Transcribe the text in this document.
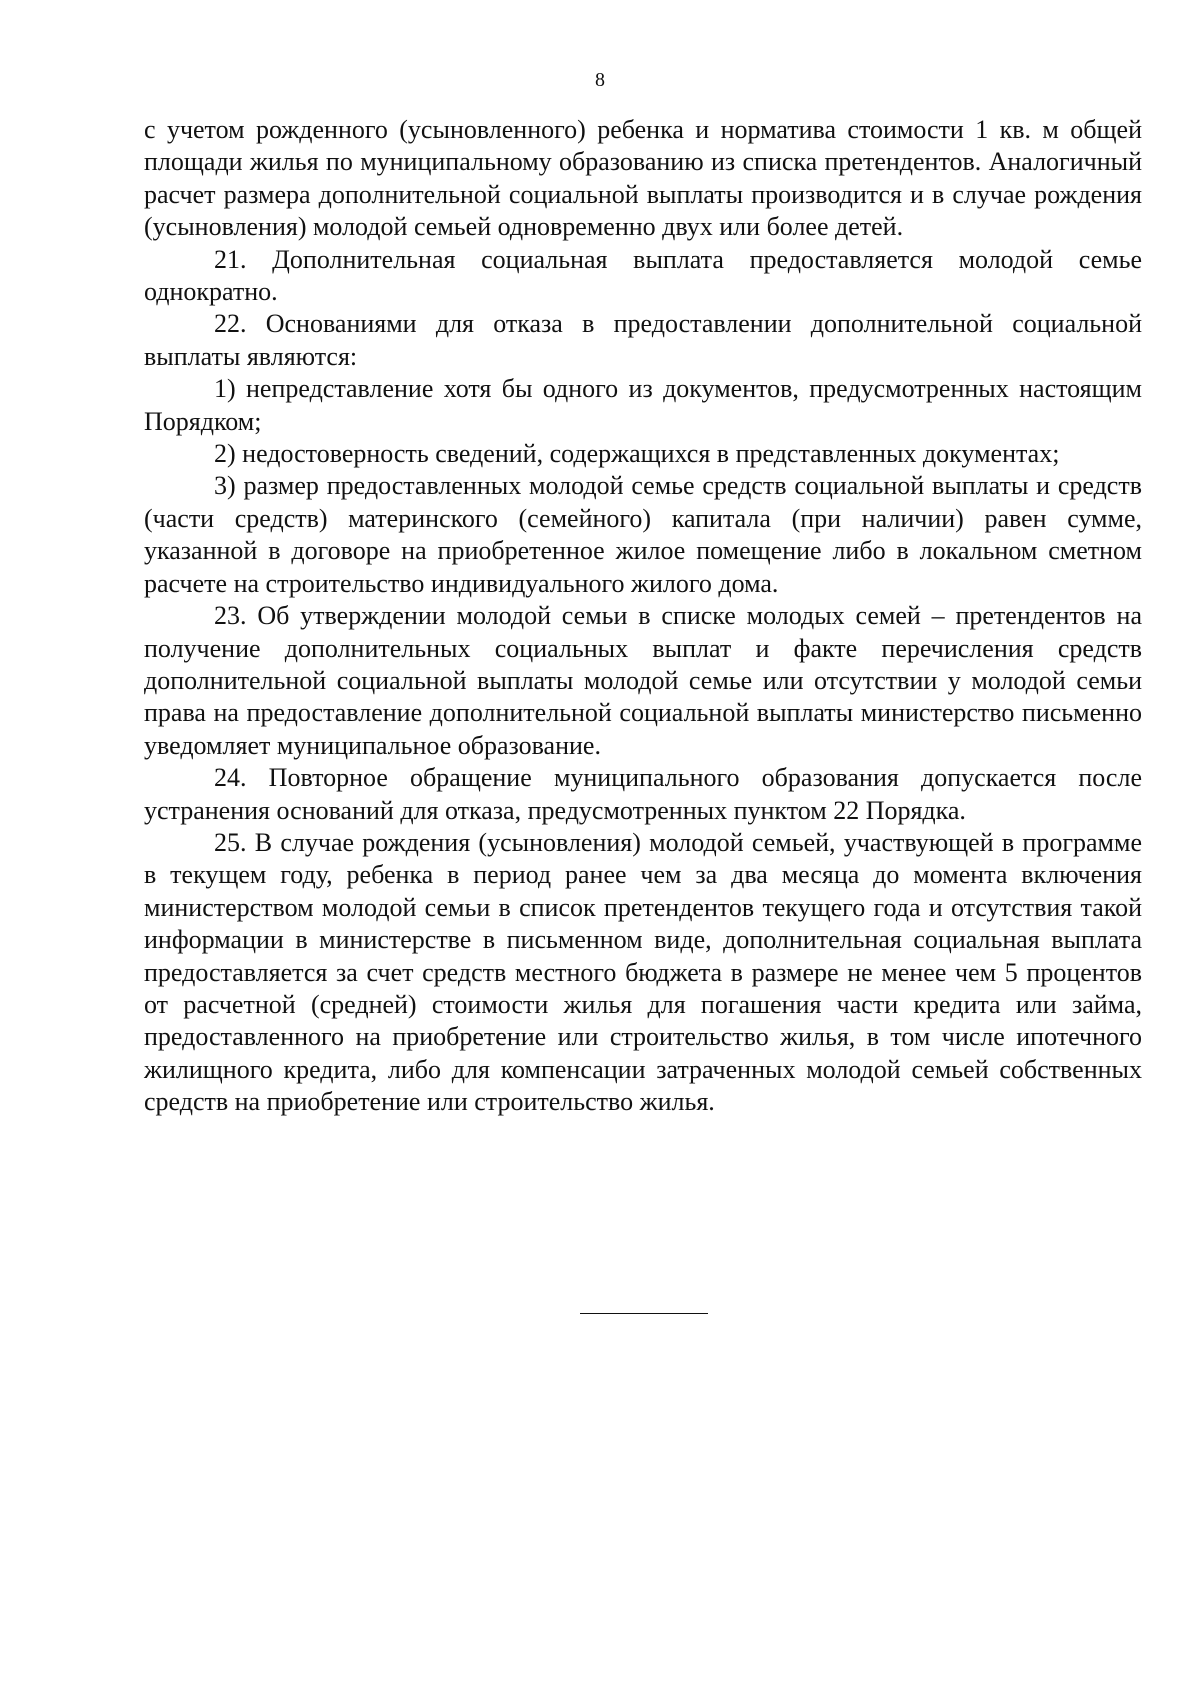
8

с учетом рожденного (усыновленного) ребенка и норматива стоимости 1 кв. м общей площади жилья по муниципальному образованию из списка претендентов. Аналогичный расчет размера дополнительной социальной выплаты производится и в случае рождения (усыновления) молодой семьей одновременно двух или более детей.

21. Дополнительная социальная выплата предоставляется молодой семье однократно.

22. Основаниями для отказа в предоставлении дополнительной социальной выплаты являются:

1) непредставление хотя бы одного из документов, предусмотренных настоящим Порядком;

2) недостоверность сведений, содержащихся в представленных документах;

3) размер предоставленных молодой семье средств социальной выплаты и средств (части средств) материнского (семейного) капитала (при наличии) равен сумме, указанной в договоре на приобретенное жилое помещение либо в локальном сметном расчете на строительство индивидуального жилого дома.

23. Об утверждении молодой семьи в списке молодых семей – претендентов на получение дополнительных социальных выплат и факте перечисления средств дополнительной социальной выплаты молодой семье или отсутствии у молодой семьи права на предоставление дополнительной социальной выплаты министерство письменно уведомляет муниципальное образование.

24. Повторное обращение муниципального образования допускается после устранения оснований для отказа, предусмотренных пунктом 22 Порядка.

25. В случае рождения (усыновления) молодой семьей, участвующей в программе в текущем году, ребенка в период ранее чем за два месяца до момента включения министерством молодой семьи в список претендентов текущего года и отсутствия такой информации в министерстве в письменном виде, дополнительная социальная выплата предоставляется за счет средств местного бюджета в размере не менее чем 5 процентов от расчетной (средней) стоимости жилья для погашения части кредита или займа, предоставленного на приобретение или строительство жилья, в том числе ипотечного жилищного кредита, либо для компенсации затраченных молодой семьей собственных средств на приобретение или строительство жилья.
